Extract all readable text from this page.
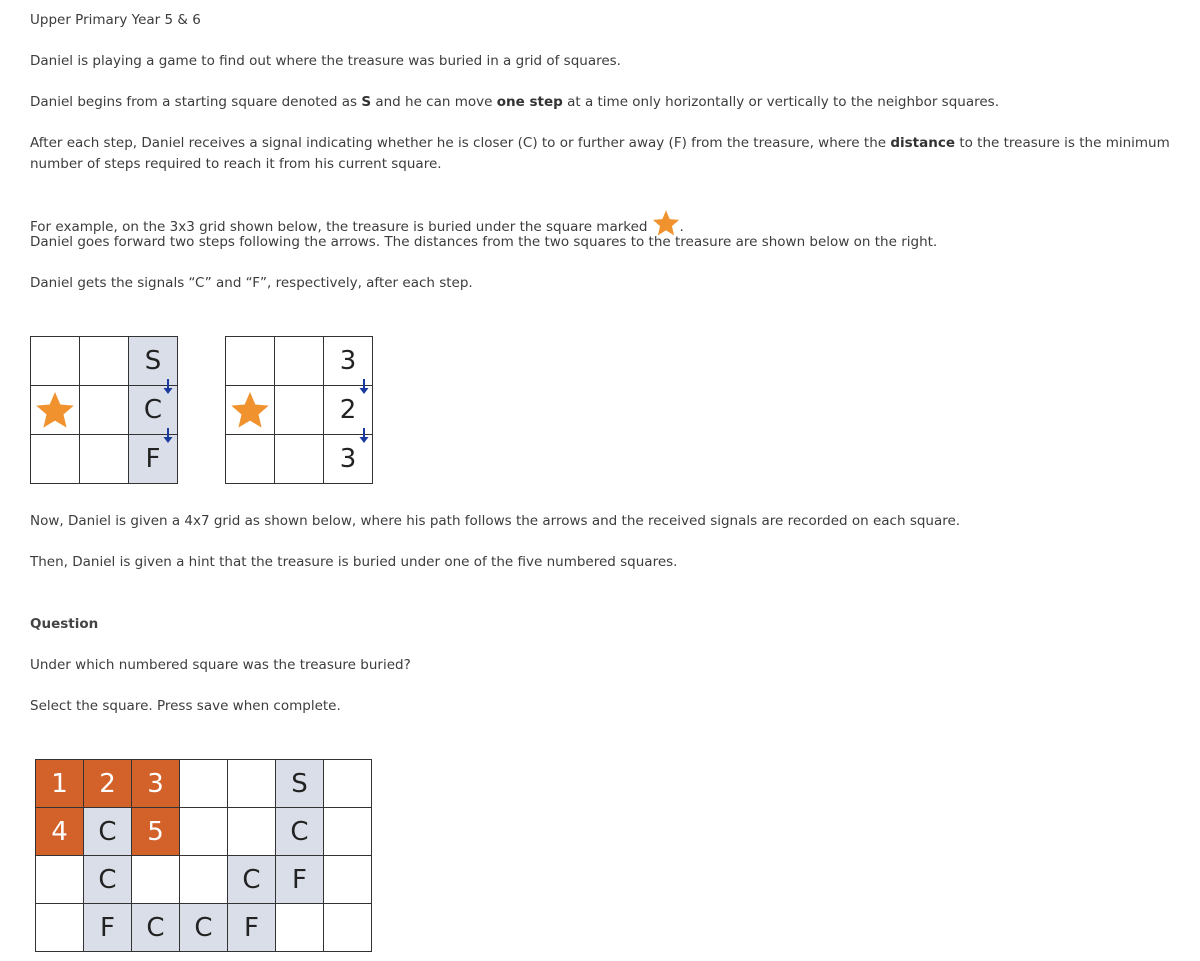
Upper Primary Year 5 & 6

Daniel is playing a game to find out where the treasure was buried in a grid of squares.

Daniel begins from a starting square denoted as S and he can move one step at a time only horizontally or vertically to the neighbor squares.

After each step, Daniel receives a signal indicating whether he is closer (C) to or further away (F) from the treasure, where the distance to the treasure is the minimum number of steps required to reach it from his current square.

For example, on the 3x3 grid shown below, the treasure is buried under the square marked .

Daniel goes forward two steps following the arrows. The distances from the two squares to the treasure are shown below on the right.

Daniel gets the signals “C” and “F”, respectively, after each step.

		S

		C
		F
		3

		2
		3

Now, Daniel is given a 4x7 grid as shown below, where his path follows the arrows and the received signals are recorded on each square.

Then, Daniel is given a hint that the treasure is buried under one of the five numbered squares.

Question

Under which numbered square was the treasure buried?

Select the square. Press save when complete.

1	2	3			S	
4	C	5			C	
	C			C	F	
	F	C	C	F		
